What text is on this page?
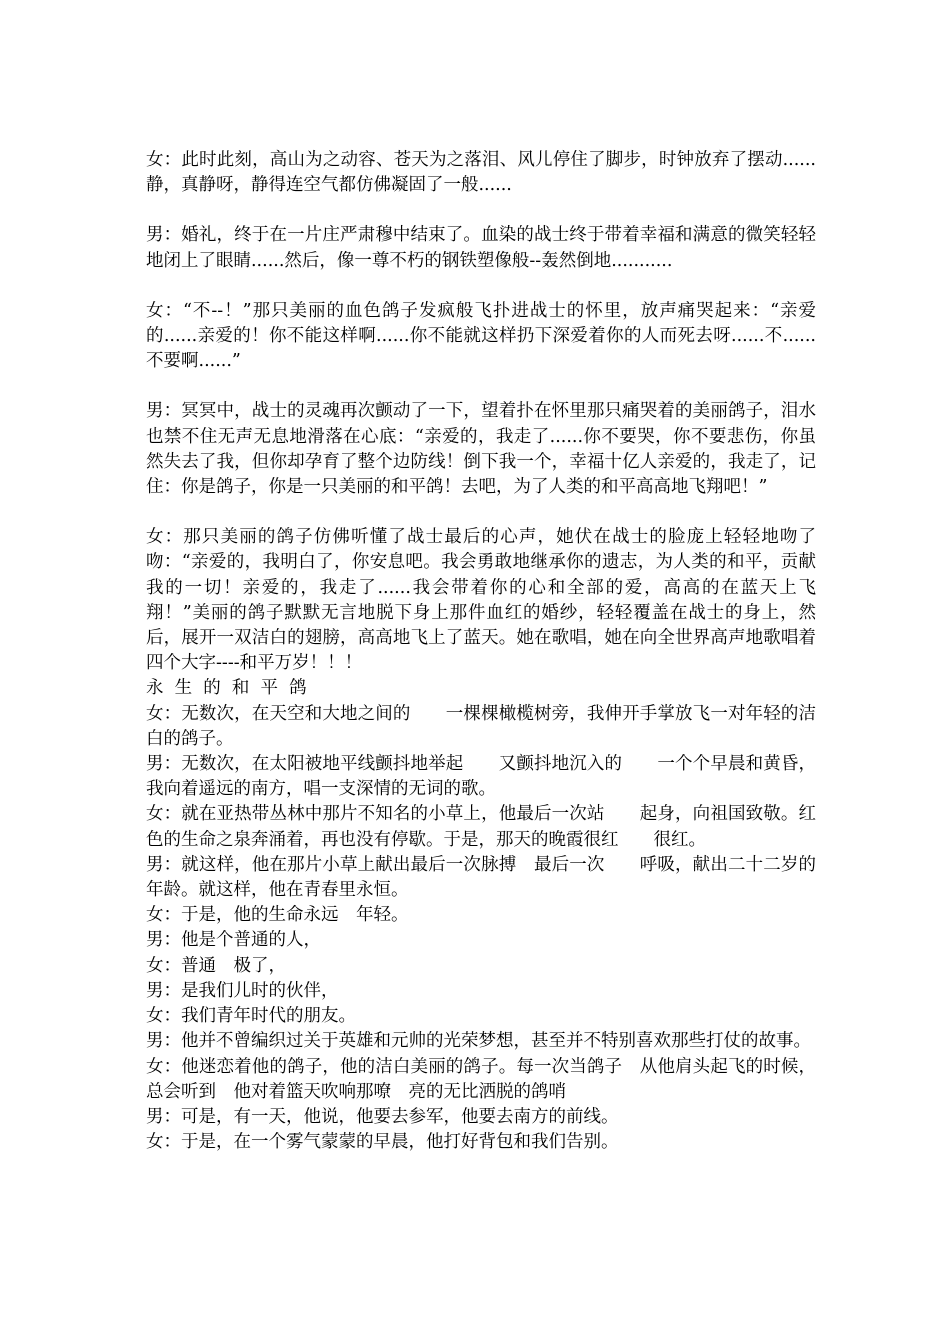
女：此时此刻，高山为之动容、苍天为之落泪、风儿停住了脚步，时钟放弃了摆动......静，真静呀，静得连空气都仿佛凝固了一般......

男：婚礼，终于在一片庄严肃穆中结束了。血染的战士终于带着幸福和满意的微笑轻轻地闭上了眼睛......然后，像一尊不朽的钢铁塑像般--轰然倒地...........

女：“不--！”那只美丽的血色鸽子发疯般飞扑进战士的怀里，放声痛哭起来：“亲爱的......亲爱的！你不能这样啊......你不能就这样扔下深爱着你的人而死去呀......不......不要啊......”

男：冥冥中，战士的灵魂再次颤动了一下，望着扑在怀里那只痛哭着的美丽鸽子，泪水也禁不住无声无息地滑落在心底：“亲爱的，我走了......你不要哭，你不要悲伤，你虽然失去了我，但你却孕育了整个边防线！倒下我一个，幸福十亿人亲爱的，我走了，记住：你是鸽子，你是一只美丽的和平鸽！去吧，为了人类的和平高高地飞翔吧！”

女：那只美丽的鸽子仿佛听懂了战士最后的心声，她伏在战士的脸庞上轻轻地吻了吻：“亲爱的，我明白了，你安息吧。我会勇敢地继承你的遗志，为人类的和平，贡献我的一切！亲爱的，我走了......我会带着你的心和全部的爱，高高的在蓝天上飞翔！”美丽的鸽子默默无言地脱下身上那件血红的婚纱，轻轻覆盖在战士的身上，然后，展开一双洁白的翅膀，高高地飞上了蓝天。她在歌唱，她在向全世界高声地歌唱着四个大字----和平万岁！！！

永  生  的  和  平  鸽

女：无数次，在天空和大地之间的　　一棵棵橄榄树旁，我伸开手掌放飞一对年轻的洁白的鸽子。

男：无数次，在太阳被地平线颤抖地举起　　又颤抖地沉入的　　一个个早晨和黄昏，我向着遥远的南方，唱一支深情的无词的歌。

女：就在亚热带丛林中那片不知名的小草上，他最后一次站　　起身，向祖国致敬。红色的生命之泉奔涌着，再也没有停歇。于是，那天的晚霞很红　　很红。

男：就这样，他在那片小草上献出最后一次脉搏　最后一次　　呼吸，献出二十二岁的年龄。就这样，他在青春里永恒。

女：于是，他的生命永远　年轻。

男：他是个普通的人，

女：普通　极了，

男：是我们儿时的伙伴，

女：我们青年时代的朋友。

男：他并不曾编织过关于英雄和元帅的光荣梦想，甚至并不特别喜欢那些打仗的故事。

女：他迷恋着他的鸽子，他的洁白美丽的鸽子。每一次当鸽子　从他肩头起飞的时候，总会听到　他对着篮天吹响那嘹　亮的无比洒脱的鸽哨

男：可是，有一天，他说，他要去参军，他要去南方的前线。

女：于是，在一个雾气蒙蒙的早晨，他打好背包和我们告别。
